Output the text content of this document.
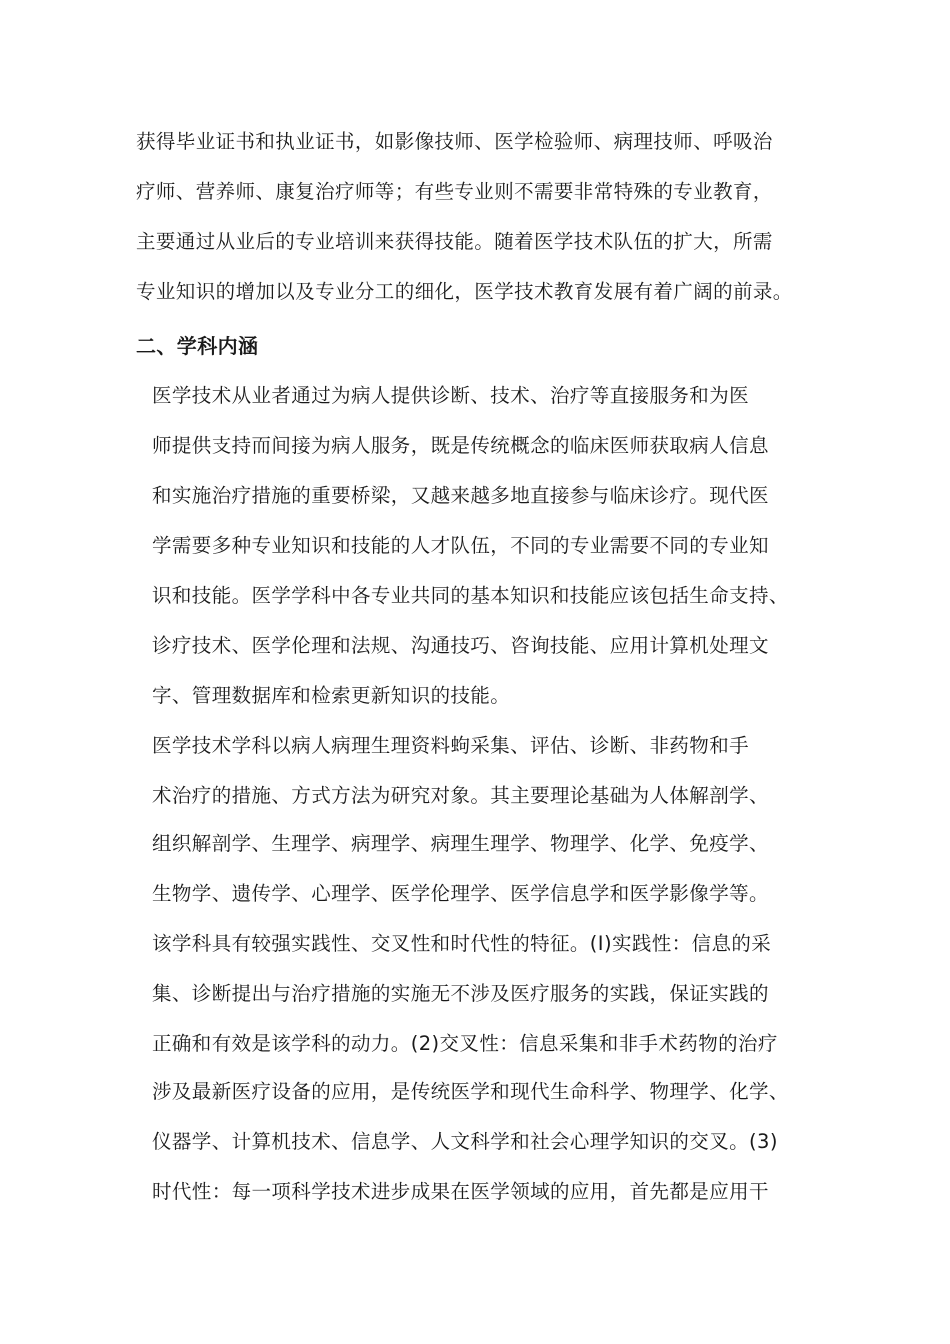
获得毕业证书和执业证书，如影像技师、医学检验师、病理技师、呼吸治
疗师、营养师、康复治疗师等；有些专业则不需要非常特殊的专业教育，
主要通过从业后的专业培训来获得技能。随着医学技术队伍的扩大，所需
专业知识的增加以及专业分工的细化，医学技术教育发展有着广阔的前录。
二、学科内涵
医学技术从业者通过为病人提供诊断、技术、治疗等直接服务和为医
师提供支持而间接为病人服务，既是传统概念的临床医师获取病人信息
和实施治疗措施的重要桥梁，又越来越多地直接参与临床诊疗。现代医
学需要多种专业知识和技能的人才队伍，不同的专业需要不同的专业知
识和技能。医学学科中各专业共同的基本知识和技能应该包括生命支持、
诊疗技术、医学伦理和法规、沟通技巧、咨询技能、应用计算机处理文
字、管理数据库和检索更新知识的技能。
医学技术学科以病人病理生理资料蚼采集、评估、诊断、非药物和手
术治疗的措施、方式方法为研究对象。其主要理论基础为人体解剖学、
组织解剖学、生理学、病理学、病理生理学、物理学、化学、免疫学、
生物学、遗传学、心理学、医学伦理学、医学信息学和医学影像学等。
该学科具有较强实践性、交叉性和时代性的特征。(I)实践性：信息的采
集、诊断提出与治疗措施的实施无不涉及医疗服务的实践，保证实践的
正确和有效是该学科的动力。(2)交叉性：信息采集和非手术药物的治疗
涉及最新医疗设备的应用，是传统医学和现代生命科学、物理学、化学、
仪器学、计算机技术、信息学、人文科学和社会心理学知识的交叉。(3)
时代性：每一项科学技术进步成果在医学领域的应用，首先都是应用干
